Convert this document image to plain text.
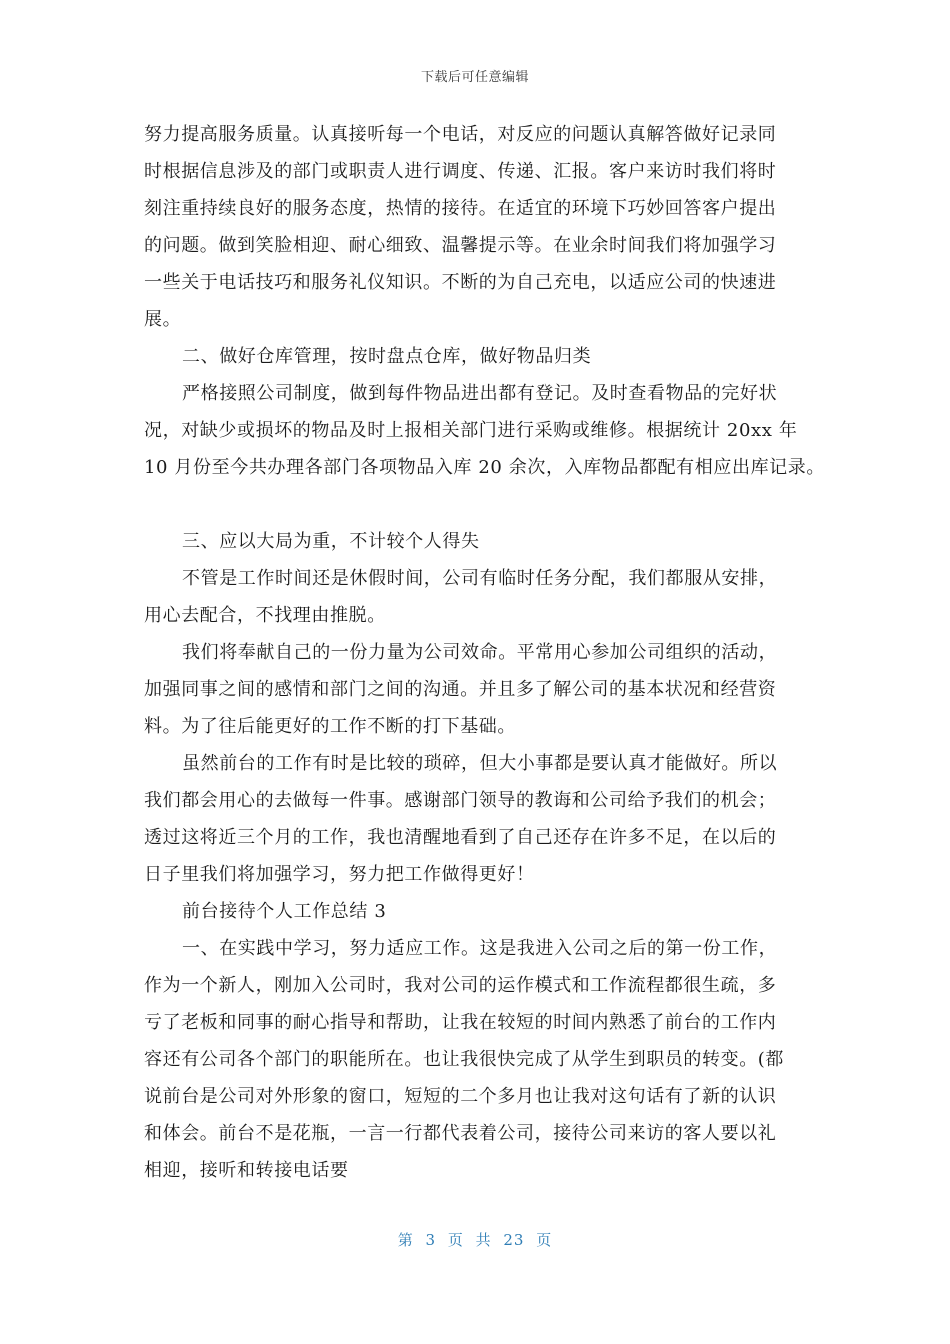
下载后可任意编辑
努力提高服务质量。认真接听每一个电话，对反应的问题认真解答做好记录同
时根据信息涉及的部门或职责人进行调度、传递、汇报。客户来访时我们将时
刻注重持续良好的服务态度，热情的接待。在适宜的环境下巧妙回答客户提出
的问题。做到笑脸相迎、耐心细致、温馨提示等。在业余时间我们将加强学习
一些关于电话技巧和服务礼仪知识。不断的为自己充电，以适应公司的快速进
展。
二、做好仓库管理，按时盘点仓库，做好物品归类
严格接照公司制度，做到每件物品进出都有登记。及时查看物品的完好状
况，对缺少或损坏的物品及时上报相关部门进行采购或维修。根据统计 20xx 年
10 月份至今共办理各部门各项物品入库 20 余次，入库物品都配有相应出库记录。
三、应以大局为重，不计较个人得失
不管是工作时间还是休假时间，公司有临时任务分配，我们都服从安排，
用心去配合，不找理由推脱。
我们将奉献自己的一份力量为公司效命。平常用心参加公司组织的活动，
加强同事之间的感情和部门之间的沟通。并且多了解公司的基本状况和经营资
料。为了往后能更好的工作不断的打下基础。
虽然前台的工作有时是比较的琐碎，但大小事都是要认真才能做好。所以
我们都会用心的去做每一件事。感谢部门领导的教诲和公司给予我们的机会；
透过这将近三个月的工作，我也清醒地看到了自己还存在许多不足，在以后的
日子里我们将加强学习，努力把工作做得更好！
前台接待个人工作总结 3
一、在实践中学习，努力适应工作。这是我进入公司之后的第一份工作，
作为一个新人，刚加入公司时，我对公司的运作模式和工作流程都很生疏，多
亏了老板和同事的耐心指导和帮助，让我在较短的时间内熟悉了前台的工作内
容还有公司各个部门的职能所在。也让我很快完成了从学生到职员的转变。(都
说前台是公司对外形象的窗口，短短的二个多月也让我对这句话有了新的认识
和体会。前台不是花瓶，一言一行都代表着公司，接待公司来访的客人要以礼
相迎，接听和转接电话要
第 3 页 共 23 页
